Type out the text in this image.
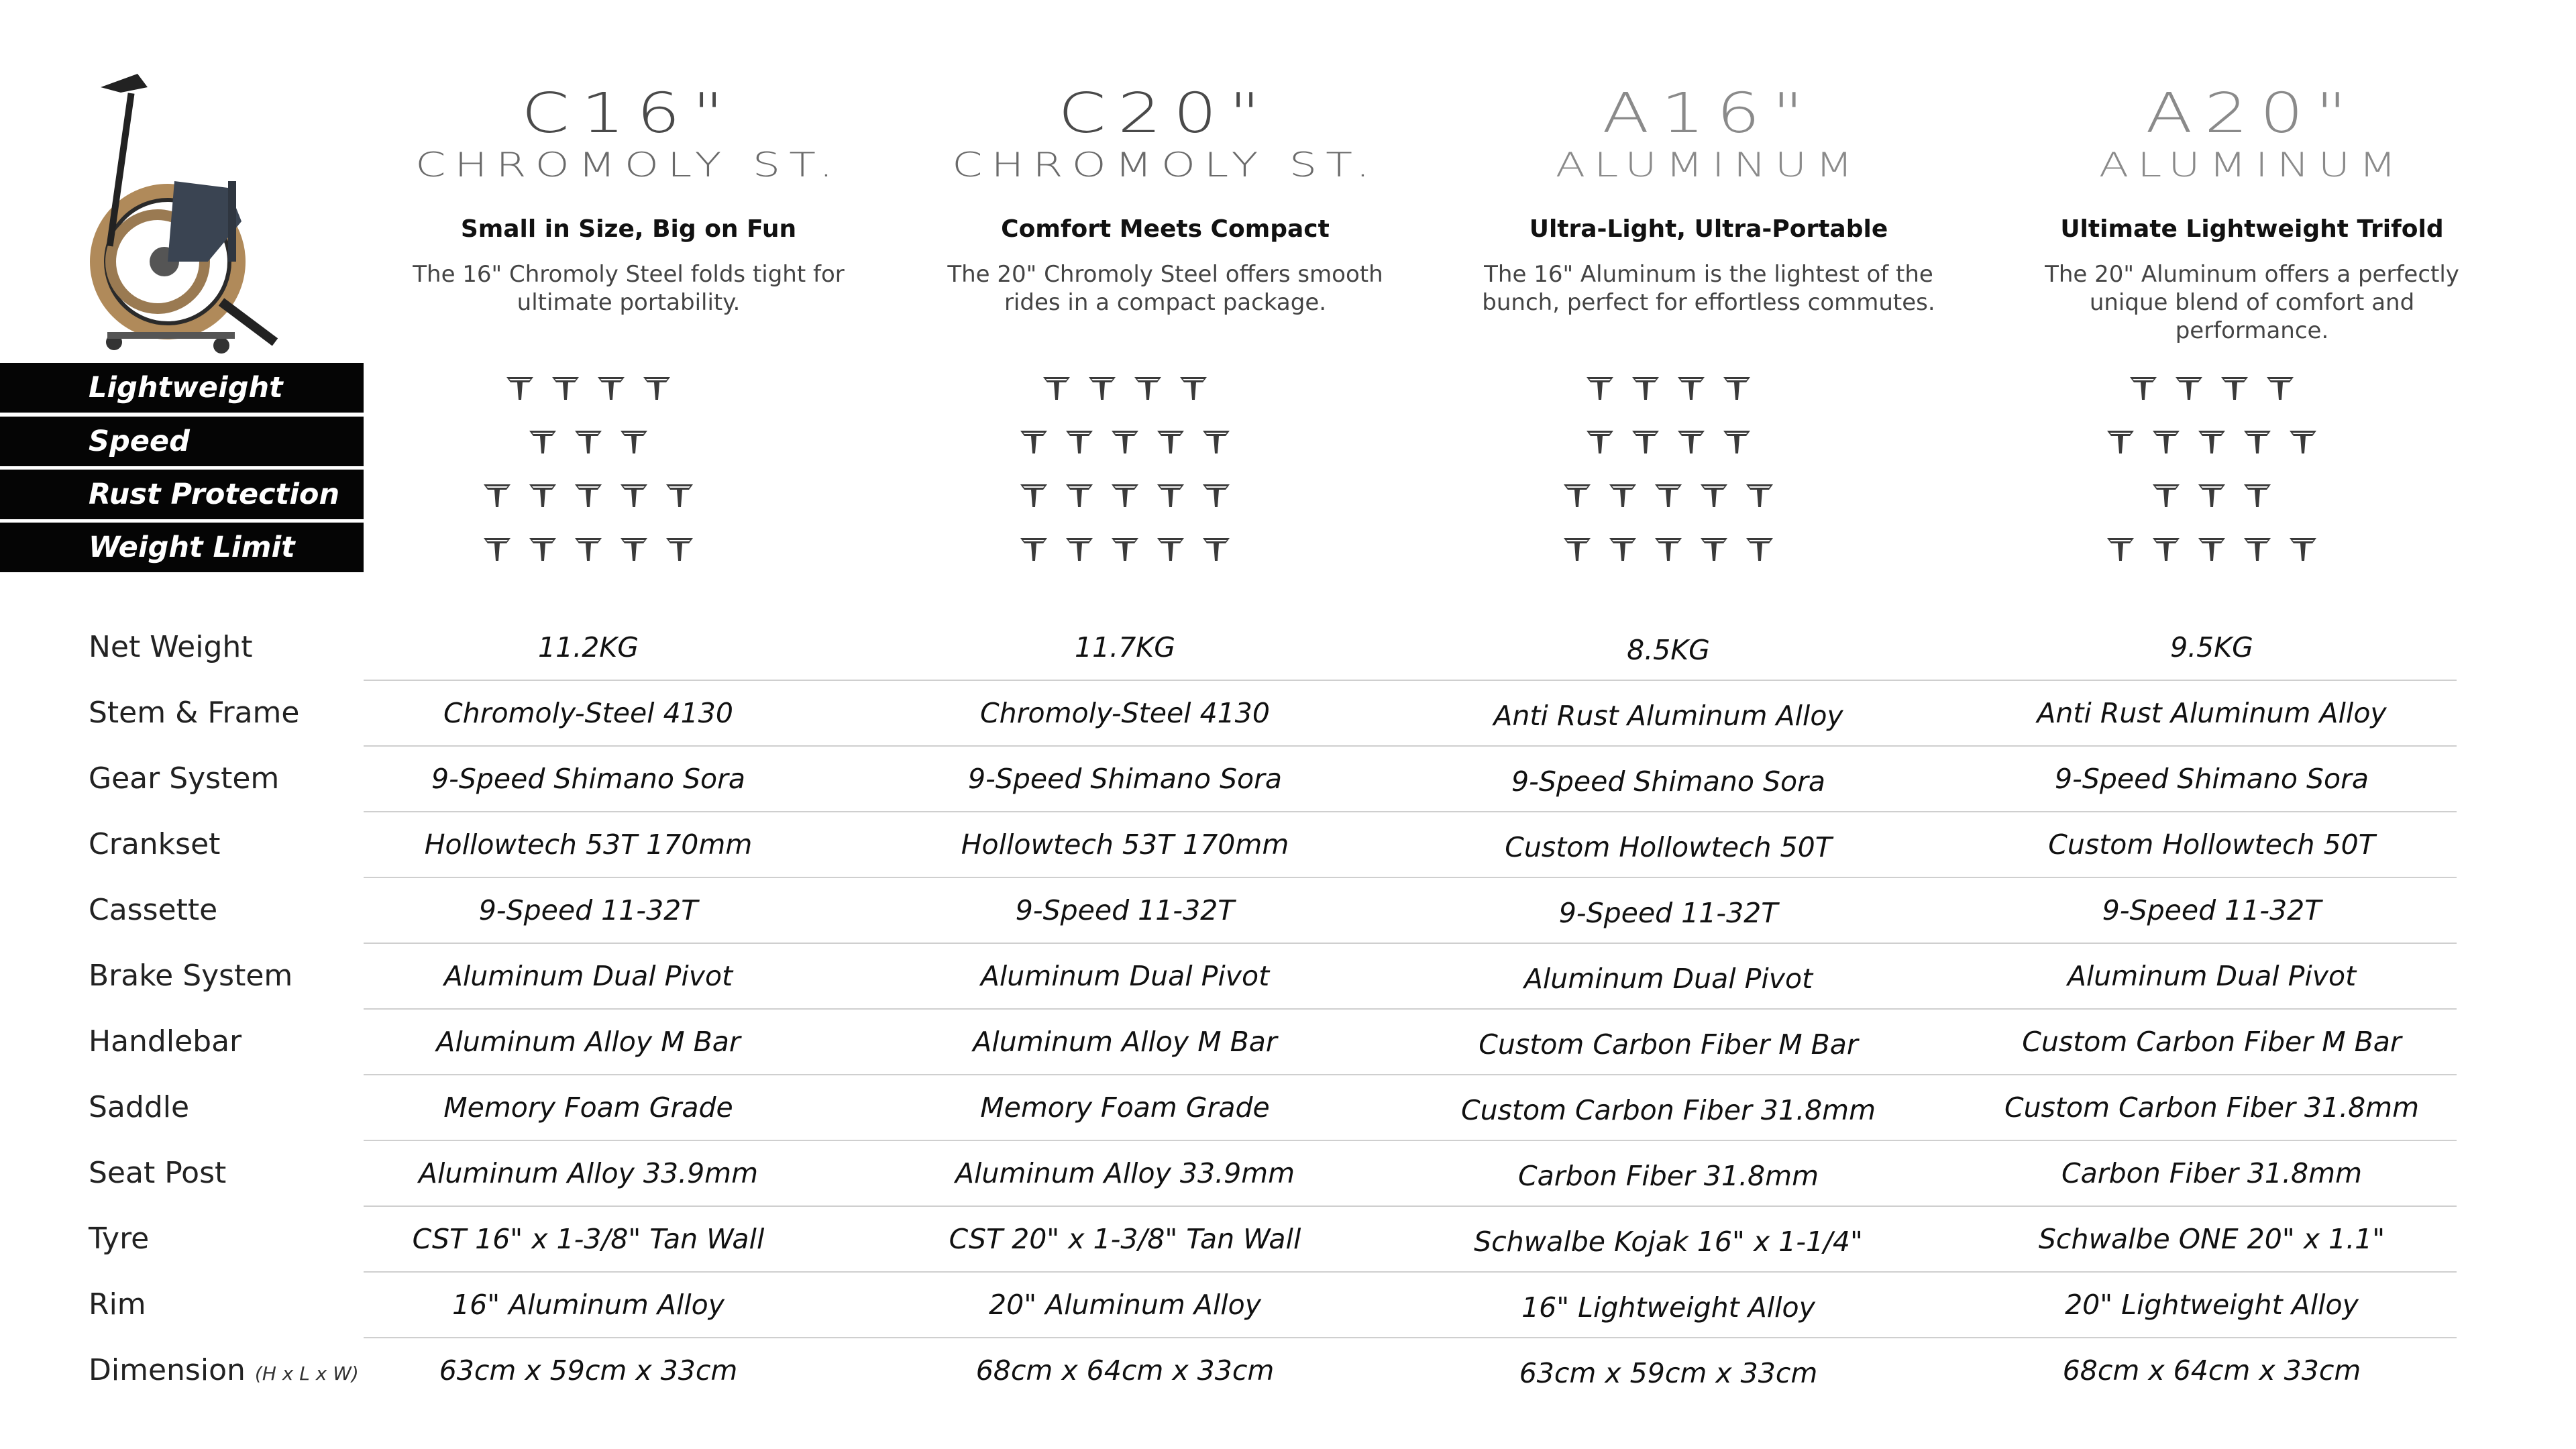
C16"
CHROMOLY ST.
Small in Size, Big on Fun
The 16" Chromoly Steel folds tight for ultimate portability.
C20"
CHROMOLY ST.
Comfort Meets Compact
The 20" Chromoly Steel offers smooth rides in a compact package.
A16"
ALUMINUM
Ultra-Light, Ultra-Portable
The 16" Aluminum is the lightest of the bunch, perfect for effortless commutes.
A20"
ALUMINUM
Ultimate Lightweight Trifold
The 20" Aluminum offers a perfectly unique blend of comfort and performance.
Lightweight
Speed
Rust Protection
Weight Limit
Net Weight
Stem & Frame
Gear System
Crankset
Cassette
Brake System
Handlebar
Saddle
Seat Post
Tyre
Rim
Dimension (H x L x W)
11.2KG
Chromoly-Steel 4130
9-Speed Shimano Sora
Hollowtech 53T 170mm
9-Speed 11-32T
Aluminum Dual Pivot
Aluminum Alloy M Bar
Memory Foam Grade
Aluminum Alloy 33.9mm
CST 16" x 1-3/8" Tan Wall
16" Aluminum Alloy
63cm x 59cm x 33cm
11.7KG
Chromoly-Steel 4130
9-Speed Shimano Sora
Hollowtech 53T 170mm
9-Speed 11-32T
Aluminum Dual Pivot
Aluminum Alloy M Bar
Memory Foam Grade
Aluminum Alloy 33.9mm
CST 20" x 1-3/8" Tan Wall
20" Aluminum Alloy
68cm x 64cm x 33cm
8.5KG
Anti Rust Aluminum Alloy
9-Speed Shimano Sora
Custom Hollowtech 50T
9-Speed 11-32T
Aluminum Dual Pivot
Custom Carbon Fiber M Bar
Custom Carbon Fiber 31.8mm
Carbon Fiber 31.8mm
Schwalbe Kojak 16" x 1-1/4"
16" Lightweight Alloy
63cm x 59cm x 33cm
9.5KG
Anti Rust Aluminum Alloy
9-Speed Shimano Sora
Custom Hollowtech 50T
9-Speed 11-32T
Aluminum Dual Pivot
Custom Carbon Fiber M Bar
Custom Carbon Fiber 31.8mm
Carbon Fiber 31.8mm
Schwalbe ONE 20" x 1.1"
20" Lightweight Alloy
68cm x 64cm x 33cm
